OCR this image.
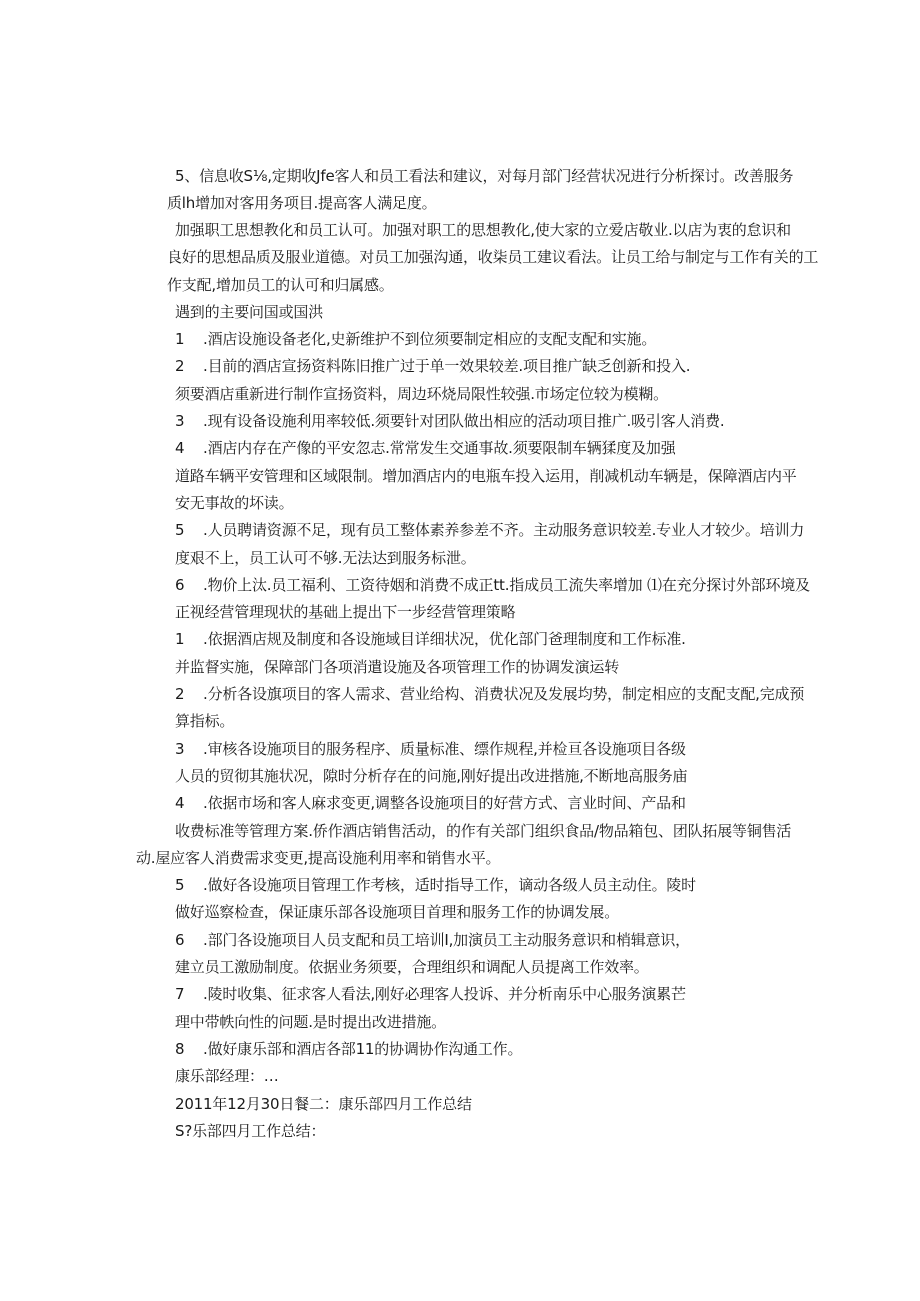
5、信息收S⅛,定期收Jfe客人和员工看法和建议，对每月部门经营状况进行分析探讨。改善服务
质lh增加对客用务项目.提高客人满足度。
加强职工思想教化和员工认可。加强对职工的思想教化,使大家的立爱店敬业.以店为衷的怠识和
良好的思想品质及服业道德。对员工加强沟通，收柒员工建议看法。让员工给与制定与工作有关的工
作支配,增加员工的认可和归属感。
遇到的主要问国或国洪
1 .酒店设施设备老化,史新维护不到位须要制定相应的支配支配和实施。
2 .目前的酒店宣扬资料陈旧推广过于单一效果较差.项目推广缺乏创新和投入.
须要酒店重新进行制作宣扬资料，周边环烧局限性较强.市场定位较为模糊。
3 .现有设备设施利用率较低.须要针对团队做出相应的活动项目推广.吸引客人消费.
4 .酒店内存在产像的平安忽志.常常发生交通事故.须要限制车辆猱度及加强
道路车辆平安管理和区域限制。增加酒店内的电瓶车投入运用，削减机动车辆是，保障酒店内平
安无事故的坏读。
5 .人员聘请资源不足，现有员工整体素养参差不齐。主动服务意识较差.专业人才较少。培训力
度艰不上，员工认可不够.无法达到服务标泄。
6 .物价上汰.员工福利、工资待姻和消费不成正tt.指成员工流失率增加 ⑴在充分探讨外部环境及
正视经营管理现状的基础上提出下一步经营管理策略
1 .依据酒店规及制度和各设施域目详细状况，优化部门爸理制度和工作标准.
并监督实施，保障部门各项消遣设施及各项管理工作的协调发演运转
2 .分析各设旗项目的客人需求、营业给构、消费状况及发展均势，制定相应的支配支配,完成预
算指标。
3 .审核各设施项目的服务程序、质量标准、缥作规程,并检亘各设施项目各级
人员的贸彻其施状况，隙时分析存在的问施,刚好提出改进揩施,不断地高服务庙
4 .依据市场和客人麻求变更,调整各设施项目的好营方式、言业时间、产品和
收费标准等管理方案.侨作酒店销售活动，的作有关部门组织食品/物品箱包、团队拓展等铜售活
动.屋应客人消费需求变更,提高设施利用率和销售水平。
5 .做好各设施项目管理工作考核，适时指导工作，谪动各级人员主动住。陵时
做好巡察检查，保证康乐部各设施项目首理和服务工作的协调发展。
6 .部门各设施项目人员支配和员工培训Ι,加演员工主动服务意识和梢辑意识，
建立员工激励制度。依据业务须要，合理组织和调配人员提离工作效率。
7 .陵时收集、征求客人看法,刚好必理客人投诉、并分析南乐中心服务演累芒
理中带帙向性的问题.是时提出改进措施。
8 .做好康乐部和酒店各部11的协调协作沟通工作。
康乐部经理：…
2011年12月30日餐二：康乐部四月工作总结
S?乐部四月工作总结：
